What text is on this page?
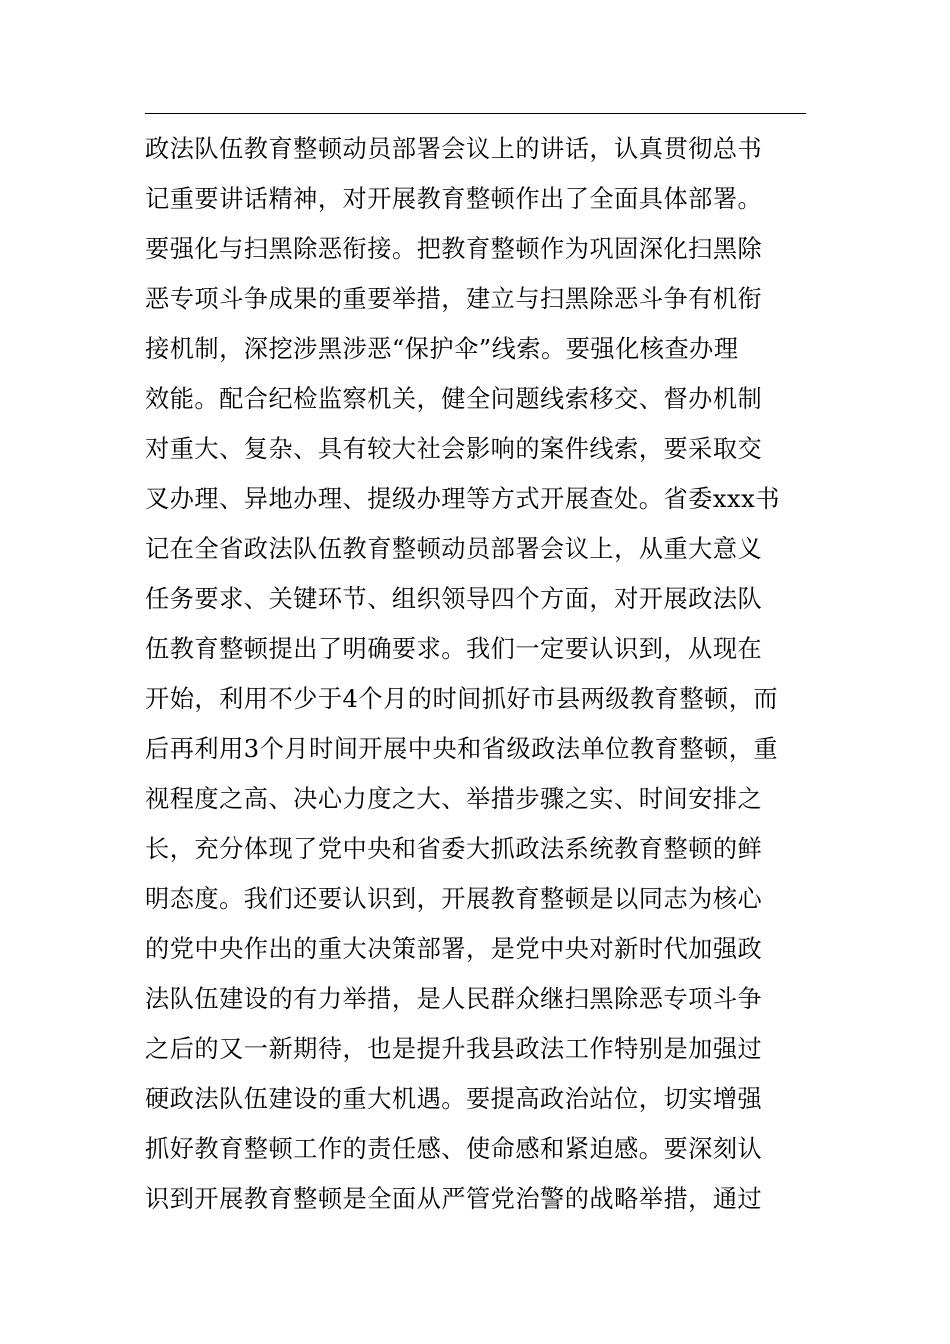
政法队伍教育整顿动员部署会议上的讲话，认真贯彻总书
记重要讲话精神，对开展教育整顿作出了全面具体部署。
要强化与扫黑除恶衔接。把教育整顿作为巩固深化扫黑除
恶专项斗争成果的重要举措，建立与扫黑除恶斗争有机衔
接机制，深挖涉黑涉恶“保护伞”线索。要强化核查办理
效能。配合纪检监察机关，健全问题线索移交、督办机制
对重大、复杂、具有较大社会影响的案件线索，要采取交
叉办理、异地办理、提级办理等方式开展查处。省委xxx书
记在全省政法队伍教育整顿动员部署会议上，从重大意义
任务要求、关键环节、组织领导四个方面，对开展政法队
伍教育整顿提出了明确要求。我们一定要认识到，从现在
开始，利用不少于4个月的时间抓好市县两级教育整顿，而
后再利用3个月时间开展中央和省级政法单位教育整顿，重
视程度之高、决心力度之大、举措步骤之实、时间安排之
长，充分体现了党中央和省委大抓政法系统教育整顿的鲜
明态度。我们还要认识到，开展教育整顿是以同志为核心
的党中央作出的重大决策部署，是党中央对新时代加强政
法队伍建设的有力举措，是人民群众继扫黑除恶专项斗争
之后的又一新期待，也是提升我县政法工作特别是加强过
硬政法队伍建设的重大机遇。要提高政治站位，切实增强
抓好教育整顿工作的责任感、使命感和紧迫感。要深刻认
识到开展教育整顿是全面从严管党治警的战略举措，通过
